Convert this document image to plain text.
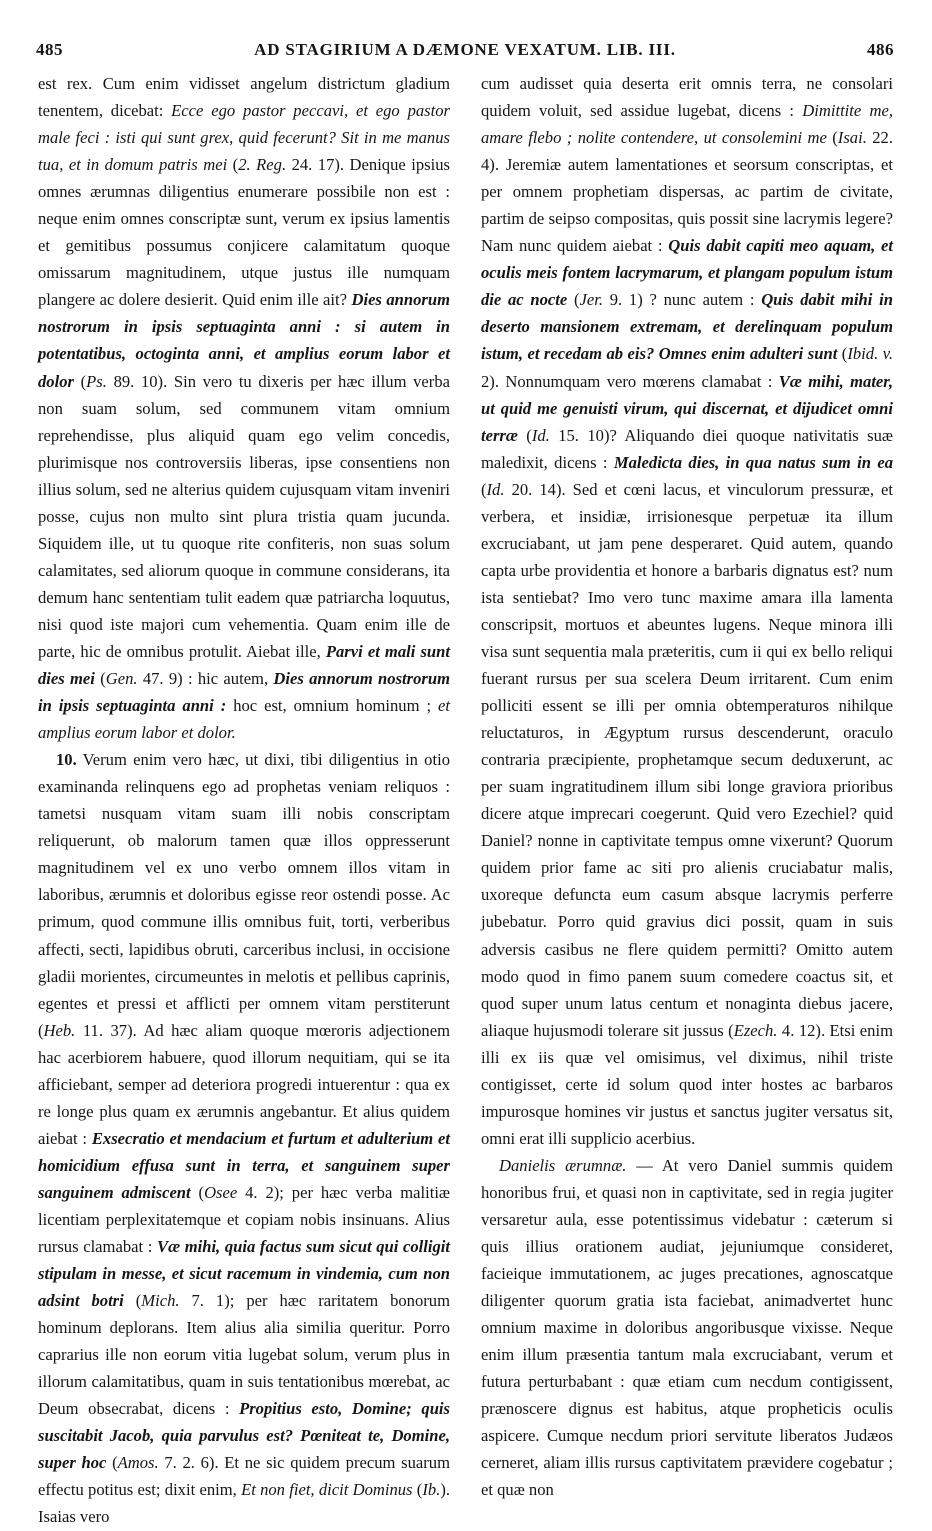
485	AD STAGIRIUM A DÆMONE VEXATUM. LIB. III.	486

est rex. Cum enim vidisset angelum districtum gladium tenentem, dicebat: Ecce ego pastor peccavi, et ego pastor male feci : isti qui sunt grex, quid fecerunt? Sit in me manus tua, et in domum patris mei (2. Reg. 24. 17). Denique ipsius omnes ærumnas diligentius enumerare possibile non est : neque enim omnes conscriptæ sunt, verum ex ipsius lamentis et gemitibus possumus conjicere calamitatum quoque omissarum magnitudinem, utque justus ille numquam plangere ac dolere desierit. Quid enim ille ait? Dies annorum nostrorum in ipsis septuaginta anni : si autem in potentatibus, octoginta anni, et amplius eorum labor et dolor (Ps. 89. 10). Sin vero tu dixeris per hæc illum verba non suam solum, sed communem vitam omnium reprehendisse, plus aliquid quam ego velim concedis, plurimisque nos controversiis liberas, ipse consentiens non illius solum, sed ne alterius quidem cujusquam vitam inveniri posse, cujus non multo sint plura tristia quam jucunda. Siquidem ille, ut tu quoque rite confiteris, non suas solum calamitates, sed aliorum quoque in commune considerans, ita demum hanc sententiam tulit eadem quæ patriarcha loquutus, nisi quod iste majori cum vehementia. Quam enim ille de parte, hic de omnibus protulit. Aiebat ille, Parvi et mali sunt dies mei (Gen. 47. 9) : hic autem, Dies annorum nostrorum in ipsis septuaginta anni : hoc est, omnium hominum ; et amplius eorum labor et dolor.

10. Verum enim vero hæc, ut dixi, tibi diligentius in otio examinanda relinquens ego ad prophetas veniam reliquos : tametsi nusquam vitam suam illi nobis conscriptam reliquerunt, ob malorum tamen quæ illos oppresserunt magnitudinem vel ex uno verbo omnem illos vitam in laboribus, ærumnis et doloribus egisse reor ostendi posse. Ac primum, quod commune illis omnibus fuit, torti, verberibus affecti, secti, lapidibus obruti, carceribus inclusi, in occisione gladii morientes, circumeuntes in melotis et pellibus caprinis, egentes et pressi et afflicti per omnem vitam perstiterunt (Heb. 11. 37). Ad hæc aliam quoque mœroris adjectionem hac acerbiorem habuere, quod illorum nequitiam, qui se ita afficiebant, semper ad deteriora progredi intuerentur : qua ex re longe plus quam ex ærumnis angebantur. Et alius quidem aiebat : Exsecratio et mendacium et furtum et adulterium et homicidium effusa sunt in terra, et sanguinem super sanguinem admiscent (Osee 4. 2); per hæc verba malitiæ licentiam perplexitatemque et copiam nobis insinuans. Alius rursus clamabat : Væ mihi, quia factus sum sicut qui colligit stipulam in messe, et sicut racemum in vindemia, cum non adsint botri (Mich. 7. 1); per hæc raritatem bonorum hominum deplorans. Item alius alia similia queritur. Porro caprarius ille non eorum vitia lugebat solum, verum plus in illorum calamitatibus, quam in suis tentationibus mœrebat, ac Deum obsecrabat, dicens : Propitius esto, Domine; quis suscitabit Jacob, quia parvulus est? Pœniteat te, Domine, super hoc (Amos. 7. 2. 6). Et ne sic quidem precum suarum effectu potitus est; dixit enim, Et non fiet, dicit Dominus (Ib.). Isaias vero

cum audisset quia deserta erit omnis terra, ne consolari quidem voluit, sed assidue lugebat, dicens : Dimittite me, amare flebo ; nolite contendere, ut consolemini me (Isai. 22. 4). Jeremiæ autem lamentationes et seorsum conscriptas, et per omnem prophetiam dispersas, ac partim de civitate, partim de seipso compositas, quis possit sine lacrymis legere? Nam nunc quidem aiebat : Quis dabit capiti meo aquam, et oculis meis fontem lacrymarum, et plangam populum istum die ac nocte (Jer. 9. 1) ? nunc autem : Quis dabit mihi in deserto mansionem extremam, et derelinquam populum istum, et recedam ab eis? Omnes enim adulteri sunt (Ibid. v. 2). Nonnumquam vero mœrens clamabat : Væ mihi, mater, ut quid me genuisti virum, qui discernat, et dijudicet omni terræ (Id. 15. 10)? Aliquando diei quoque nativitatis suæ maledixit, dicens : Maledicta dies, in qua natus sum in ea (Id. 20. 14). Sed et cœni lacus, et vinculorum pressuræ, et verbera, et insidiæ, irrisionesque perpetuæ ita illum excruciabant, ut jam pene desperaret. Quid autem, quando capta urbe providentia et honore a barbaris dignatus est? num ista sentiebat? Imo vero tunc maxime amara illa lamenta conscripsit, mortuos et abeuntes lugens. Neque minora illi visa sunt sequentia mala præteritis, cum ii qui ex bello reliqui fuerant rursus per sua scelera Deum irritarent. Cum enim polliciti essent se illi per omnia obtemperaturos nihilque reluctaturos, in Ægyptum rursus descenderunt, oraculo contraria præcipiente, prophetamque secum deduxerunt, ac per suam ingratitudinem illum sibi longe graviora prioribus dicere atque imprecari coegerunt. Quid vero Ezechiel? quid Daniel? nonne in captivitate tempus omne vixerunt? Quorum quidem prior fame ac siti pro alienis cruciabatur malis, uxoreque defuncta eum casum absque lacrymis perferre jubebatur. Porro quid gravius dici possit, quam in suis adversis casibus ne flere quidem permitti? Omitto autem modo quod in fimo panem suum comedere coactus sit, et quod super unum latus centum et nonaginta diebus jacere, aliaque hujusmodi tolerare sit jussus (Ezech. 4. 12). Etsi enim illi ex iis quæ vel omisimus, vel diximus, nihil triste contigisset, certe id solum quod inter hostes ac barbaros impurosque homines vir justus et sanctus jugiter versatus sit, omni erat illi supplicio acerbius.

Danielis ærumnæ. — At vero Daniel summis quidem honoribus frui, et quasi non in captivitate, sed in regia jugiter versaretur aula, esse potentissimus videbatur : cæterum si quis illius orationem audiat, jejuniumque consideret, facieique immutationem, ac juges precationes, agnoscatque diligenter quorum gratia ista faciebat, animadvertet hunc omnium maxime in doloribus angoribusque vixisse. Neque enim illum præsentia tantum mala excruciabant, verum et futura perturbabant : quæ etiam cum necdum contigissent, prænoscere dignus est habitus, atque propheticis oculis aspicere. Cumque necdum priori servitute liberatos Judæos cerneret, aliam illis rursus captivitatem prævidere cogebatur ; et quæ non
